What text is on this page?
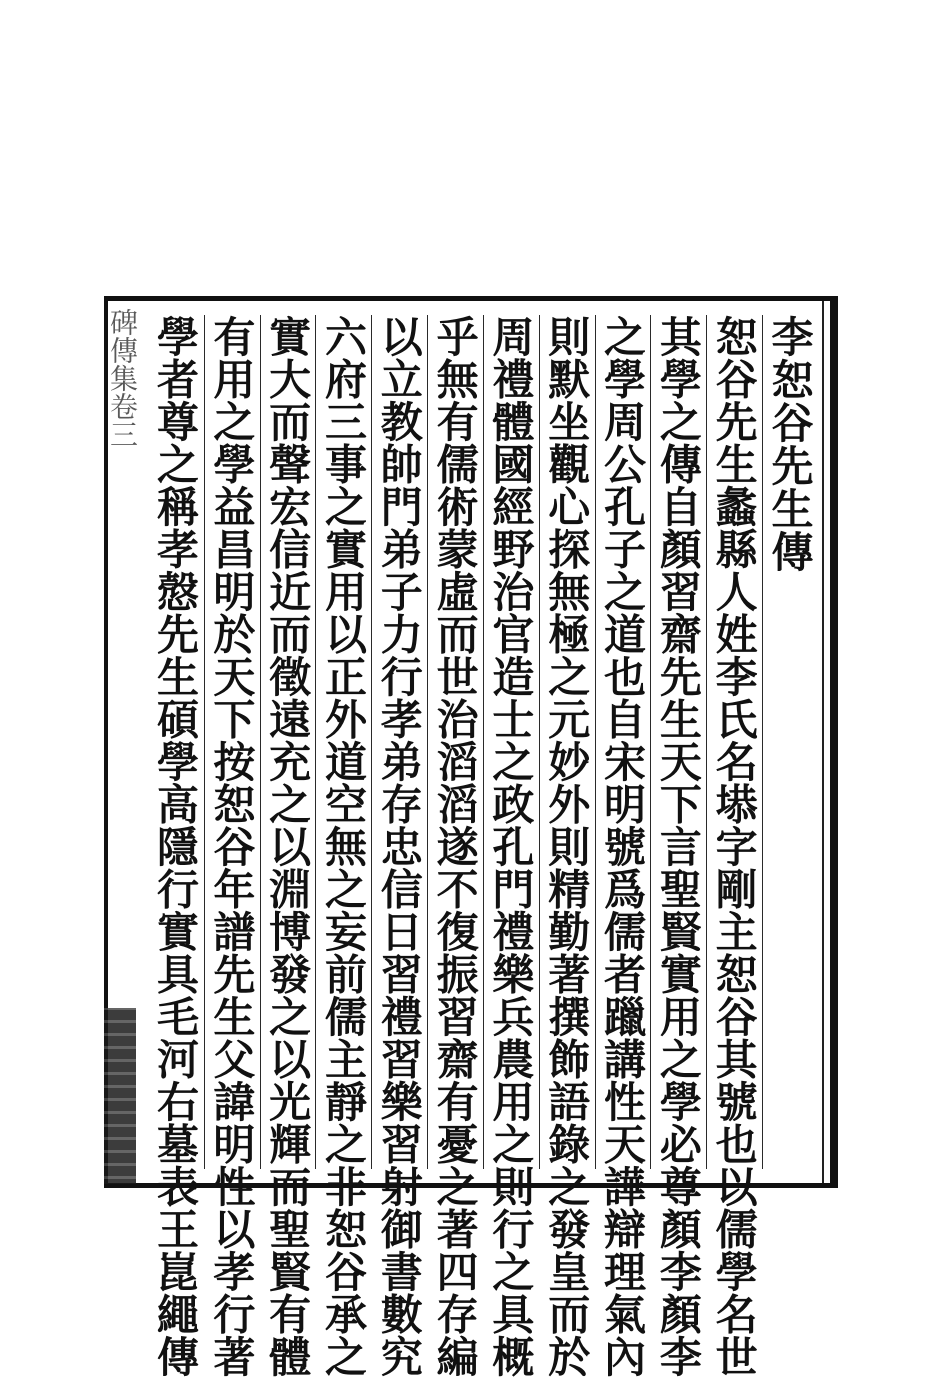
李恕谷先生傳
恕谷先生蠡縣人姓李氏名塨字剛主恕谷其號也以儒學名世
其學之傳自顏習齋先生天下言聖賢實用之學必尊顏李顏李
之學周公孔子之道也自宋明號爲儒者躐講性天譁辯理氣內
則默坐觀心探無極之元妙外則精勤著撰飾語錄之發皇而於
周禮體國經野治官造士之政孔門禮樂兵農用之則行之具概
乎無有儒術蒙虛而世治滔滔遂不復振習齋有憂之著四存編
以立教帥門弟子力行孝弟存忠信日習禮習樂習射御書數究
六府三事之實用以正外道空無之妄前儒主靜之非恕谷承之
實大而聲宏信近而徵遠充之以淵博發之以光輝而聖賢有體
有用之學益昌明於天下按恕谷年譜先生父諱明性以孝行著
學者尊之稱孝慤先生碩學高隱行實具毛河右墓表王崑繩傳
碑傳集卷三
